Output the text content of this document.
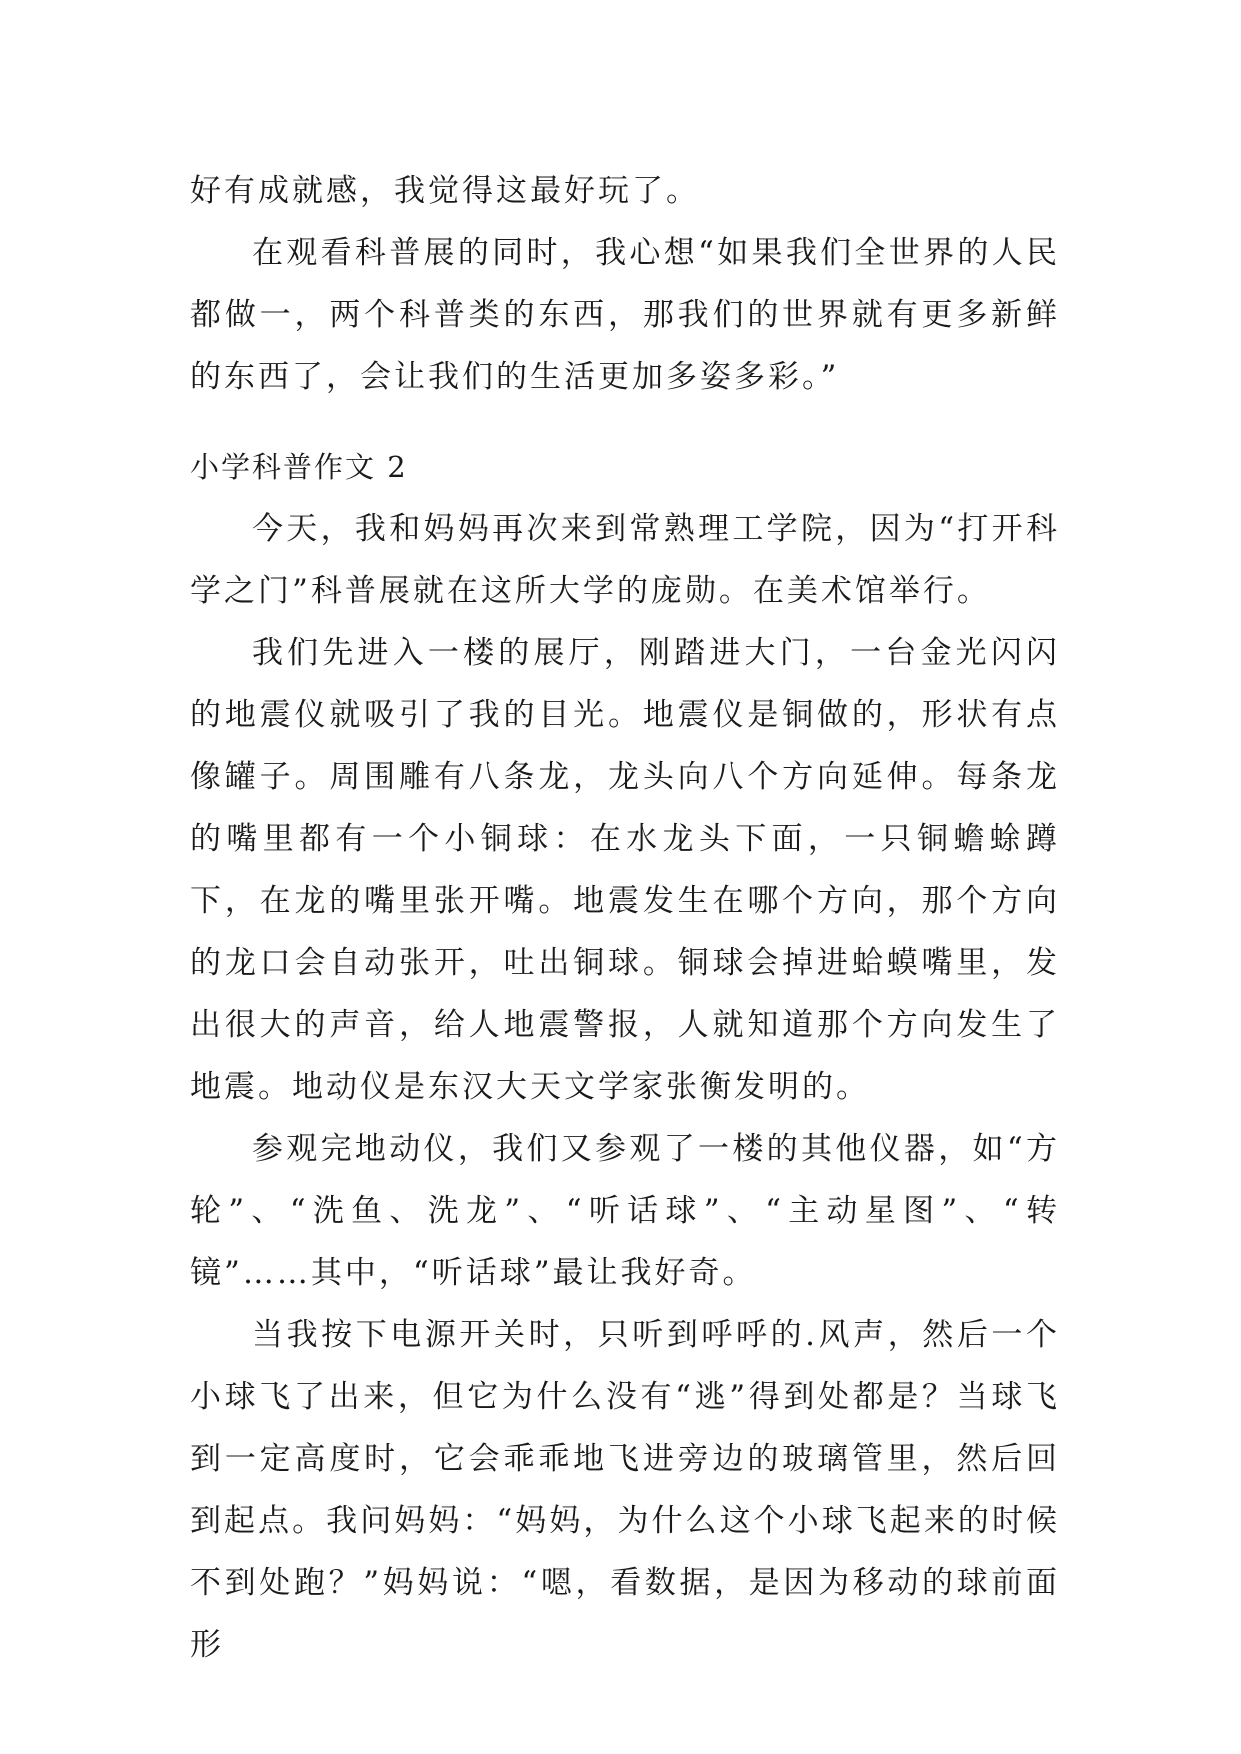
好有成就感，我觉得这最好玩了。

在观看科普展的同时，我心想“如果我们全世界的人民都做一，两个科普类的东西，那我们的世界就有更多新鲜的东西了，会让我们的生活更加多姿多彩。”

小学科普作文 2

今天，我和妈妈再次来到常熟理工学院，因为“打开科学之门”科普展就在这所大学的庞勋。在美术馆举行。

我们先进入一楼的展厅，刚踏进大门，一台金光闪闪的地震仪就吸引了我的目光。地震仪是铜做的，形状有点像罐子。周围雕有八条龙，龙头向八个方向延伸。每条龙的嘴里都有一个小铜球：在水龙头下面，一只铜蟾蜍蹲下，在龙的嘴里张开嘴。地震发生在哪个方向，那个方向的龙口会自动张开，吐出铜球。铜球会掉进蛤蟆嘴里，发出很大的声音，给人地震警报，人就知道那个方向发生了地震。地动仪是东汉大天文学家张衡发明的。

参观完地动仪，我们又参观了一楼的其他仪器，如“方轮”、“洗鱼、洗龙”、“听话球”、“主动星图”、“转镜”……其中，“听话球”最让我好奇。

当我按下电源开关时，只听到呼呼的.风声，然后一个小球飞了出来，但它为什么没有“逃”得到处都是？当球飞到一定高度时，它会乖乖地飞进旁边的玻璃管里，然后回到起点。我问妈妈：“妈妈，为什么这个小球飞起来的时候不到处跑？”妈妈说：“嗯，看数据，是因为移动的球前面形
